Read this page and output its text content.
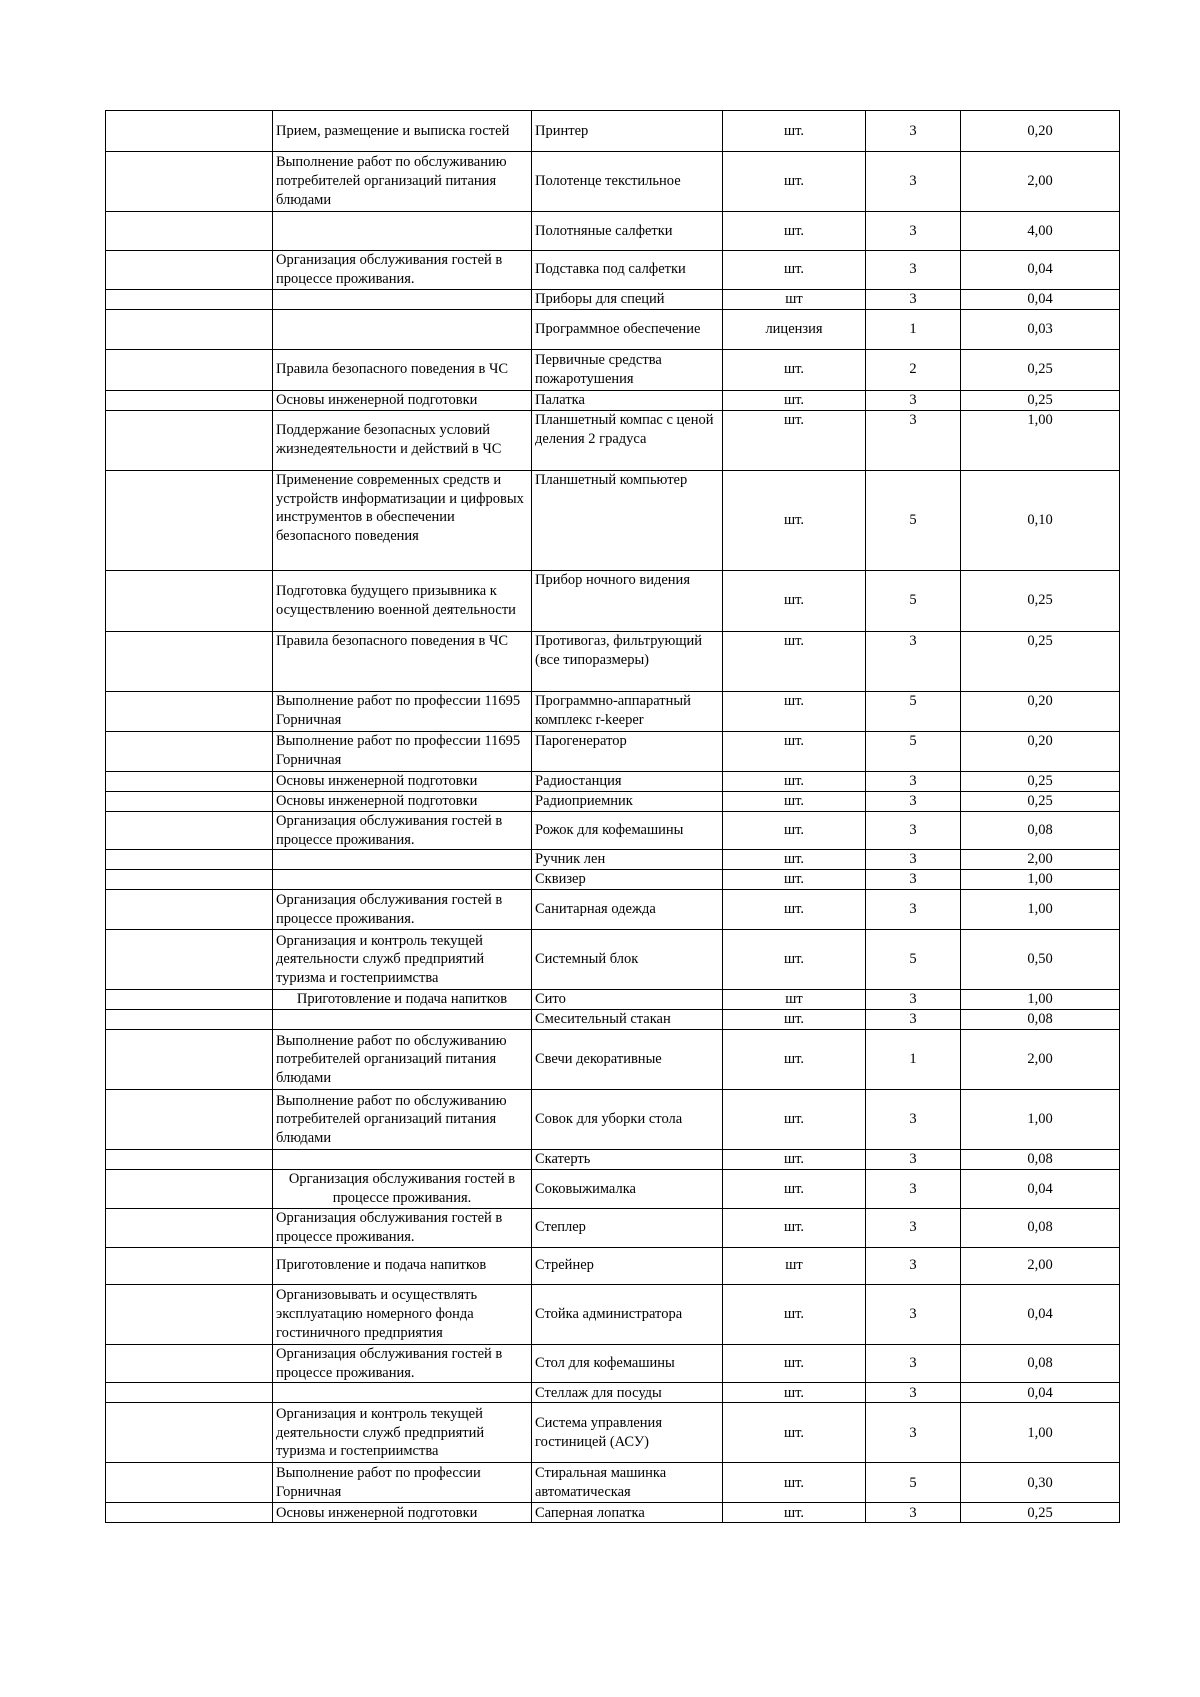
	Прием, размещение и выписка гостей	Принтер	шт.	3	0,20
	Выполнение работ по обслуживанию потребителей организаций питания блюдами	Полотенце текстильное	шт.	3	2,00
		Полотняные салфетки	шт.	3	4,00
	Организация обслуживания гостей в процессе проживания.	Подставка под салфетки	шт.	3	0,04
		Приборы для специй	шт	3	0,04
		Программное обеспечение	лицензия	1	0,03
	Правила безопасного поведения в ЧС	Первичные средства пожаротушения	шт.	2	0,25
	Основы инженерной подготовки	Палатка	шт.	3	0,25
	Поддержание безопасных условий жизнедеятельности и действий в ЧС	Планшетный компас с ценой деления 2 градуса	шт.	3	1,00
	Применение современных средств и устройств информатизации и цифровых инструментов в обеспечении безопасного поведения	Планшетный компьютер	шт.	5	0,10
	Подготовка будущего призывника к осуществлению военной деятельности	Прибор ночного видения	шт.	5	0,25
	Правила безопасного поведения в ЧС	Противогаз, фильтрующий (все типоразмеры)	шт.	3	0,25
	Выполнение работ по профессии 11695 Горничная	Программно-аппаратный комплекс r-keeper	шт.	5	0,20
	Выполнение работ по профессии 11695 Горничная	Парогенератор	шт.	5	0,20
	Основы инженерной подготовки	Радиостанция	шт.	3	0,25
	Основы инженерной подготовки	Радиоприемник	шт.	3	0,25
	Организация обслуживания гостей в процессе проживания.	Рожок для кофемашины	шт.	3	0,08
		Ручник лен	шт.	3	2,00
		Сквизер	шт.	3	1,00
	Организация обслуживания гостей в процессе проживания.	Санитарная одежда	шт.	3	1,00
	Организация и контроль текущей деятельности служб предприятий туризма и гостеприимства	Системный блок	шт.	5	0,50
	Приготовление и подача напитков	Сито	шт	3	1,00
		Смесительный стакан	шт.	3	0,08
	Выполнение работ по обслуживанию потребителей организаций питания блюдами	Свечи декоративные	шт.	1	2,00
	Выполнение работ по обслуживанию потребителей организаций питания блюдами	Совок для уборки стола	шт.	3	1,00
		Скатерть	шт.	3	0,08
	Организация обслуживания гостей в процессе проживания.	Соковыжималка	шт.	3	0,04
	Организация обслуживания гостей в процессе проживания.	Степлер	шт.	3	0,08
	Приготовление и подача напитков	Стрейнер	шт	3	2,00
	Организовывать и осуществлять эксплуатацию номерного фонда гостиничного предприятия	Стойка администратора	шт.	3	0,04
	Организация обслуживания гостей в процессе проживания.	Стол для кофемашины	шт.	3	0,08
		Стеллаж для посуды	шт.	3	0,04
	Организация и контроль текущей деятельности служб предприятий туризма и гостеприимства	Система управления гостиницей (АСУ)	шт.	3	1,00
	Выполнение работ по профессии Горничная	Стиральная машинка автоматическая	шт.	5	0,30
	Основы инженерной подготовки	Саперная лопатка	шт.	3	0,25
